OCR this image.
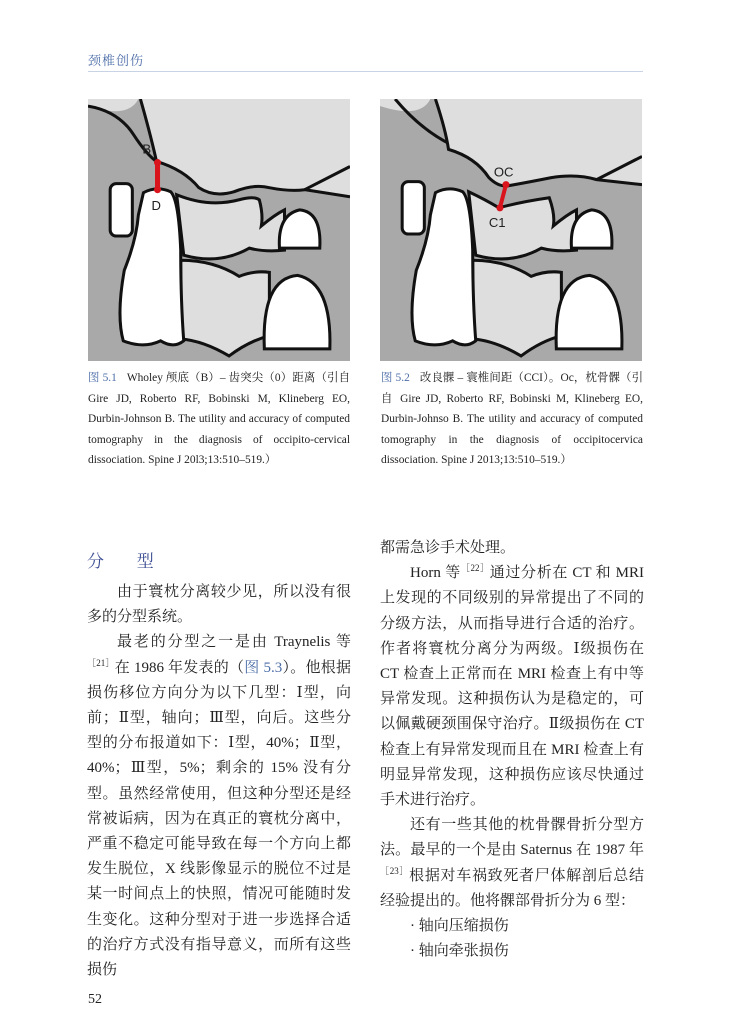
颈椎创伤
B
D
图 5.1 Wholey 颅底（B）– 齿突尖（0）距离（引自 Gire JD, Roberto RF, Bobinski M, Klineberg EO, Durbin-Johnson B. The utility and accuracy of computed tomography in the diagnosis of occipito-cervical dissociation. Spine J 20l3;13:510–519.）
OC
C1
图 5.2 改良髁 – 寰椎间距（CCI）。Oc，枕骨髁（引自 Gire JD, Roberto RF, Bobinski M, Klineberg EO, Durbin-Johnso B. The utility and accuracy of computed tomography in the diagnosis of occipitocervica dissociation. Spine J 2013;13:510–519.）
分 型

由于寰枕分离较少见，所以没有很多的分型系统。

最老的分型之一是由 Traynelis 等$^{[21]}$在 1986 年发表的（图 5.3）。他根据损伤移位方向分为以下几型：Ⅰ型，向前；Ⅱ型，轴向；Ⅲ型，向后。这些分型的分布报道如下：Ⅰ型，40%；Ⅱ型，40%；Ⅲ型，5%；剩余的 15% 没有分型。虽然经常使用，但这种分型还是经常被诟病，因为在真正的寰枕分离中，严重不稳定可能导致在每一个方向上都发生脱位，X 线影像显示的脱位不过是某一时间点上的快照，情况可能随时发生变化。这种分型对于进一步选择合适的治疗方式没有指导意义，而所有这些损伤

都需急诊手术处理。

Horn 等$^{[22]}$通过分析在 CT 和 MRI 上发现的不同级别的异常提出了不同的分级方法，从而指导进行合适的治疗。作者将寰枕分离分为两级。Ⅰ级损伤在 CT 检查上正常而在 MRI 检查上有中等异常发现。这种损伤认为是稳定的，可以佩戴硬颈围保守治疗。Ⅱ级损伤在 CT 检查上有异常发现而且在 MRI 检查上有明显异常发现，这种损伤应该尽快通过手术进行治疗。

还有一些其他的枕骨髁骨折分型方法。最早的一个是由 Saternus 在 1987 年$^{[23]}$根据对车祸致死者尸体解剖后总结经验提出的。他将髁部骨折分为 6 型：

· 轴向压缩损伤

· 轴向牵张损伤

52
